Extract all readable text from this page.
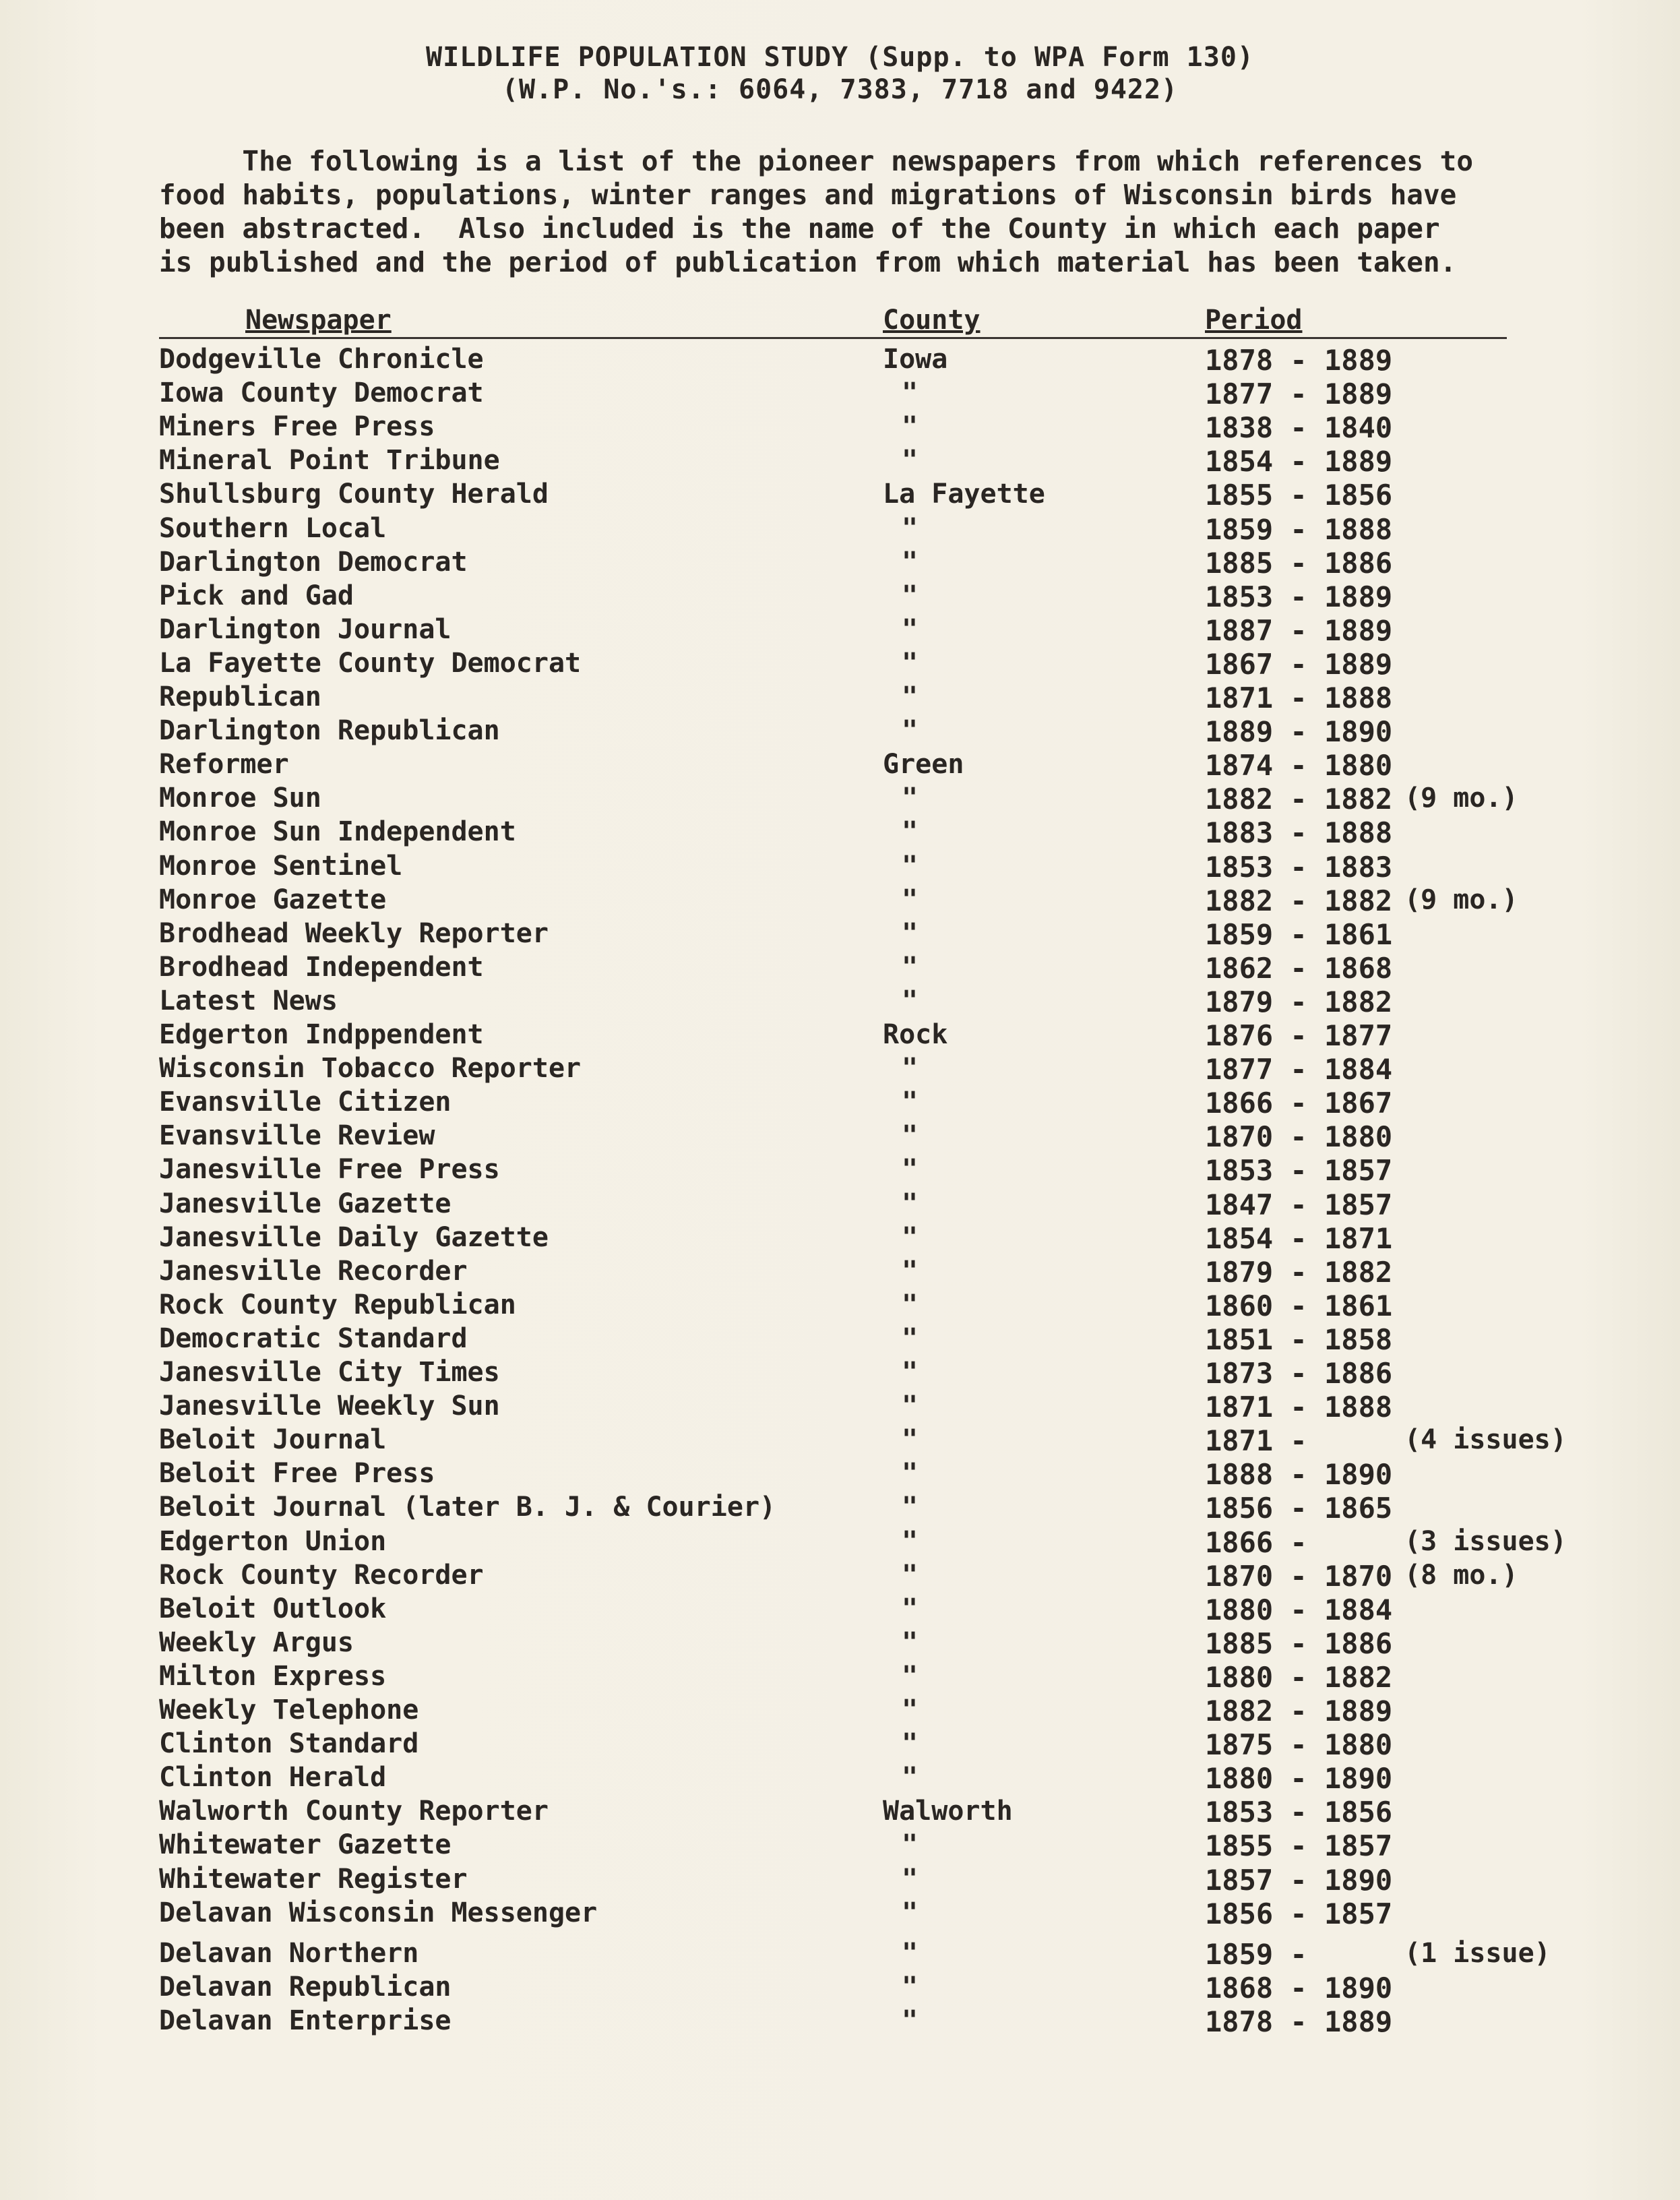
WILDLIFE POPULATION STUDY (Supp. to WPA Form 130)
(W.P. No.'s.: 6064, 7383, 7718 and 9422)
The following is a list of the pioneer newspapers from which references to
food habits, populations, winter ranges and migrations of Wisconsin birds have
been abstracted.  Also included is the name of the County in which each paper
is published and the period of publication from which material has been taken.
Newspaper	County	Period
Dodgeville Chronicle	Iowa	1878 - 1889
Iowa County Democrat	"	1877 - 1889
Miners Free Press	"	1838 - 1840
Mineral Point Tribune	"	1854 - 1889
Shullsburg County Herald	La Fayette	1855 - 1856
Southern Local	"	1859 - 1888
Darlington Democrat	"	1885 - 1886
Pick and Gad	"	1853 - 1889
Darlington Journal	"	1887 - 1889
La Fayette County Democrat	"	1867 - 1889
Republican	"	1871 - 1888
Darlington Republican	"	1889 - 1890
Reformer	Green	1874 - 1880
Monroe Sun	"	1882 - 1882 (9 mo.)
Monroe Sun Independent	"	1883 - 1888
Monroe Sentinel	"	1853 - 1883
Monroe Gazette	"	1882 - 1882 (9 mo.)
Brodhead Weekly Reporter	"	1859 - 1861
Brodhead Independent	"	1862 - 1868
Latest News	"	1879 - 1882
Edgerton Indppendent	Rock	1876 - 1877
Wisconsin Tobacco Reporter	"	1877 - 1884
Evansville Citizen	"	1866 - 1867
Evansville Review	"	1870 - 1880
Janesville Free Press	"	1853 - 1857
Janesville Gazette	"	1847 - 1857
Janesville Daily Gazette	"	1854 - 1871
Janesville Recorder	"	1879 - 1882
Rock County Republican	"	1860 - 1861
Democratic Standard	"	1851 - 1858
Janesville City Times	"	1873 - 1886
Janesville Weekly Sun	"	1871 - 1888
Beloit Journal	"	1871 -	(4 issues)
Beloit Free Press	"	1888 - 1890
Beloit Journal (later B. J. & Courier)	"	1856 - 1865
Edgerton Union	"	1866 -	(3 issues)
Rock County Recorder	"	1870 - 1870 (8 mo.)
Beloit Outlook	"	1880 - 1884
Weekly Argus	"	1885 - 1886
Milton Express	"	1880 - 1882
Weekly Telephone	"	1882 - 1889
Clinton Standard	"	1875 - 1880
Clinton Herald	"	1880 - 1890
Walworth County Reporter	Walworth	1853 - 1856
Whitewater Gazette	"	1855 - 1857
Whitewater Register	"	1857 - 1890
Delavan Wisconsin Messenger	"	1856 - 1857
Delavan Northern	"	1859 -	(1 issue)
Delavan Republican	"	1868 - 1890
Delavan Enterprise	"	1878 - 1889
